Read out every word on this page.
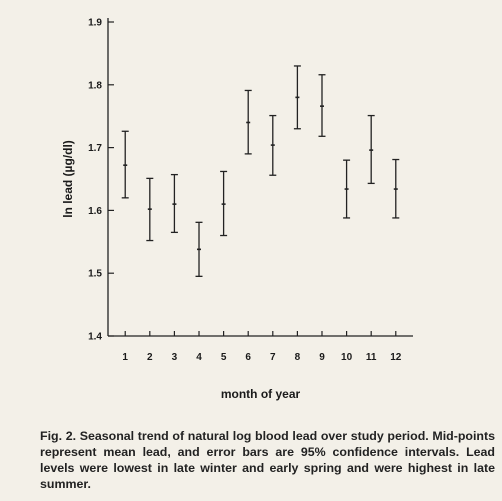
1.4
1.5
1.6
1.7
1.8
1.9
1 2 3 4 5 6 7 8 9 10 11 12
month of year
ln lead (µg/dl)

Fig. 2. Seasonal trend of natural log blood lead over study period. Mid-points represent mean lead, and error bars are 95% confidence intervals. Lead levels were lowest in late winter and early spring and were highest in late summer.
